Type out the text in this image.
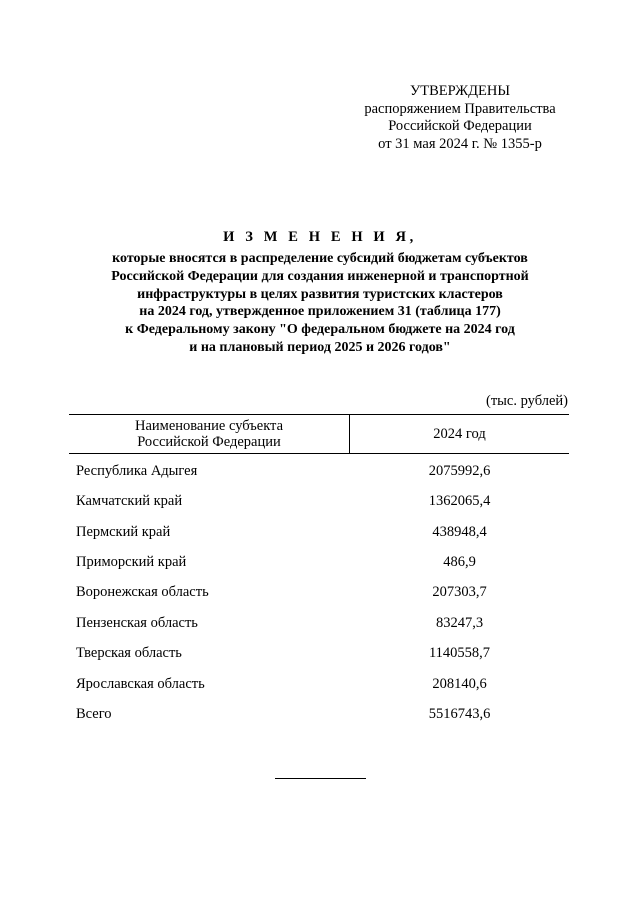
УТВЕРЖДЕНЫ
распоряжением Правительства
Российской Федерации
от 31 мая 2024 г. № 1355-р
И З М Е Н Е Н И Я,
которые вносятся в распределение субсидий бюджетам субъектов
Российской Федерации для создания инженерной и транспортной
инфраструктуры в целях развития туристских кластеров
на 2024 год, утвержденное приложением 31 (таблица 177)
к Федеральному закону "О федеральном бюджете на 2024 год
и на плановый период 2025 и 2026 годов"
(тыс. рублей)
Наименование субъекта
Российской Федерации	2024 год
Республика Адыгея	2075992,6
Камчатский край	1362065,4
Пермский край	438948,4
Приморский край	486,9
Воронежская область	207303,7
Пензенская область	83247,3
Тверская область	1140558,7
Ярославская область	208140,6
Всего	5516743,6
